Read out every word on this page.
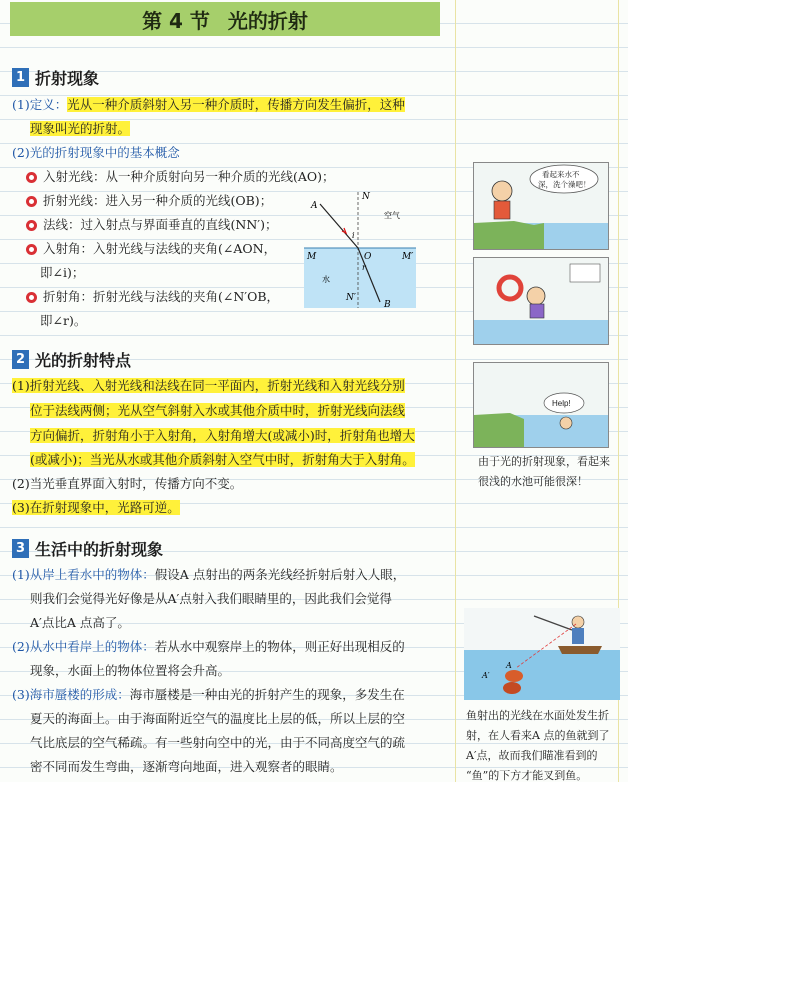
第 4 节 光的折射
1 折射现象
(1)定义：光从一种介质斜射入另一种介质时，传播方向发生偏折，这种
现象叫光的折射。
(2)光的折射现象中的基本概念
入射光线：从一种介质射向另一种介质的光线(AO)；
折射光线：进入另一种介质的光线(OB)；
法线：过入射点与界面垂直的直线(NN′)；
入射角：入射光线与法线的夹角(∠AON，
即∠i)；
折射角：折射光线与法线的夹角(∠N′OB，
即∠r)。
N
A
空气
i
M	O	M′
r
水
N′
B
2 光的折射特点
(1)折射光线、入射光线和法线在同一平面内，折射光线和入射光线分别
位于法线两侧；光从空气斜射入水或其他介质中时，折射光线向法线
方向偏折，折射角小于入射角，入射角增大(或减小)时，折射角也增大
(或减小)；当光从水或其他介质斜射入空气中时，折射角大于入射角。
(2)当光垂直界面入射时，传播方向不变。
(3)在折射现象中，光路可逆。
3 生活中的折射现象
(1)从岸上看水中的物体：假设A 点射出的两条光线经折射后射入人眼，
则我们会觉得光好像是从A′点射入我们眼睛里的，因此我们会觉得
A′点比A 点高了。
(2)从水中看岸上的物体：若从水中观察岸上的物体，则正好出现相反的
现象，水面上的物体位置将会升高。
(3)海市蜃楼的形成：海市蜃楼是一种由光的折射产生的现象，多发生在
夏天的海面上。由于海面附近空气的温度比上层的低，所以上层的空
气比底层的空气稀疏。有一些射向空中的光，由于不同高度空气的疏
密不同而发生弯曲，逐渐弯向地面，进入观察者的眼睛。
看起来水不
深，洗个澡吧！
Help!
由于光的折射现象，看起来
很浅的水池可能很深！
A
A′
鱼射出的光线在水面处发生折
射，在人看来A 点的鱼就到了
A′点，故而我们瞄准看到的
“鱼”的下方才能叉到鱼。
